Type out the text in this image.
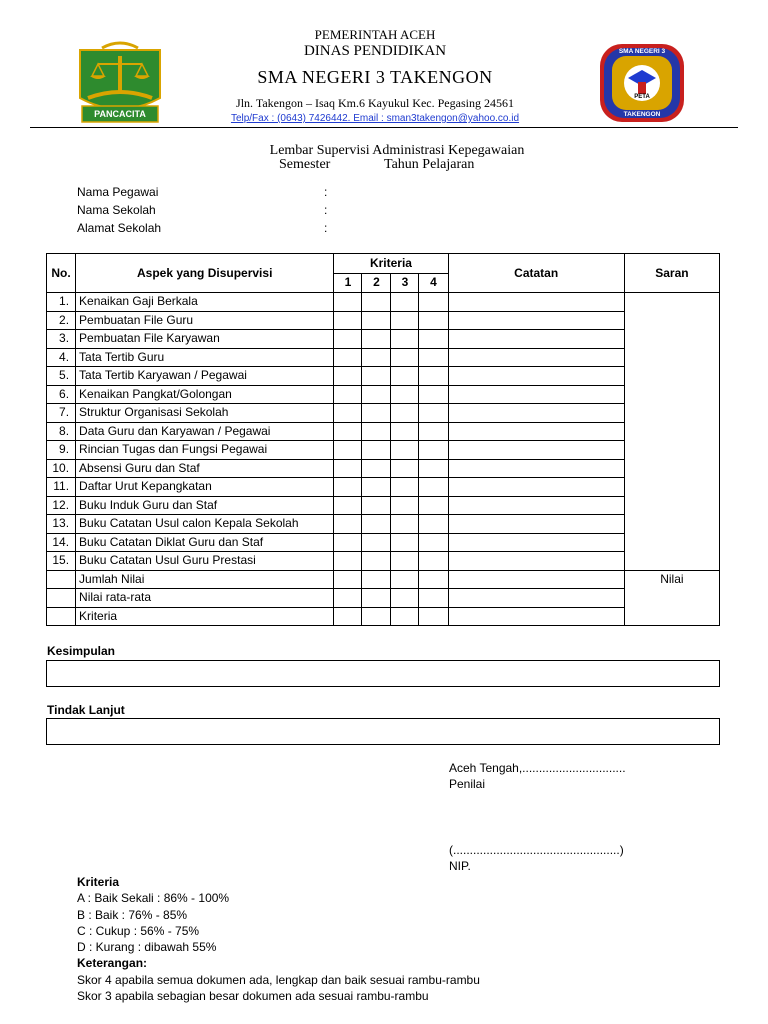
PANCACITA
SMA NEGERI 3
PETA
TAKENGON
PEMERINTAH ACEH
DINAS PENDIDIKAN
SMA NEGERI 3 TAKENGON
Jln. Takengon – Isaq Km.6 Kayukul Kec. Pegasing 24561
Telp/Fax : (0643) 7426442. Email : sman3takengon@yahoo.co.id
Lembar Supervisi Administrasi Kepegawaian
Semester	Tahun Pelajaran
Nama Pegawai	:
Nama Sekolah	:
Alamat Sekolah	:
No.	Aspek yang Disupervisi	Kriteria				Catatan	Saran
		1	2	3	4		
1.	Kenaikan Gaji Berkala						
2.	Pembuatan File Guru						
3.	Pembuatan File Karyawan						
4.	Tata Tertib Guru						
5.	Tata Tertib Karyawan / Pegawai						
6.	Kenaikan Pangkat/Golongan						
7.	Struktur Organisasi Sekolah						
8.	Data Guru dan Karyawan / Pegawai						
9.	Rincian Tugas dan Fungsi Pegawai						
10.	Absensi Guru dan Staf						
11.	Daftar Urut Kepangkatan						
12.	Buku Induk Guru dan Staf						
13.	Buku Catatan Usul calon Kepala Sekolah						
14.	Buku Catatan Diklat Guru dan Staf						
15.	Buku Catatan Usul Guru Prestasi						
	Jumlah Nilai						Nilai
	Nilai rata-rata						
	Kriteria						
Kesimpulan
Tindak Lanjut
Aceh Tengah,...............................
Penilai
(..................................................)
NIP.
Kriteria
A : Baik Sekali : 86% - 100%
B : Baik : 76% - 85%
C : Cukup : 56% - 75%
D : Kurang : dibawah 55%
Keterangan:
Skor 4 apabila semua dokumen ada, lengkap dan baik sesuai rambu-rambu
Skor 3 apabila sebagian besar dokumen ada sesuai rambu-rambu
